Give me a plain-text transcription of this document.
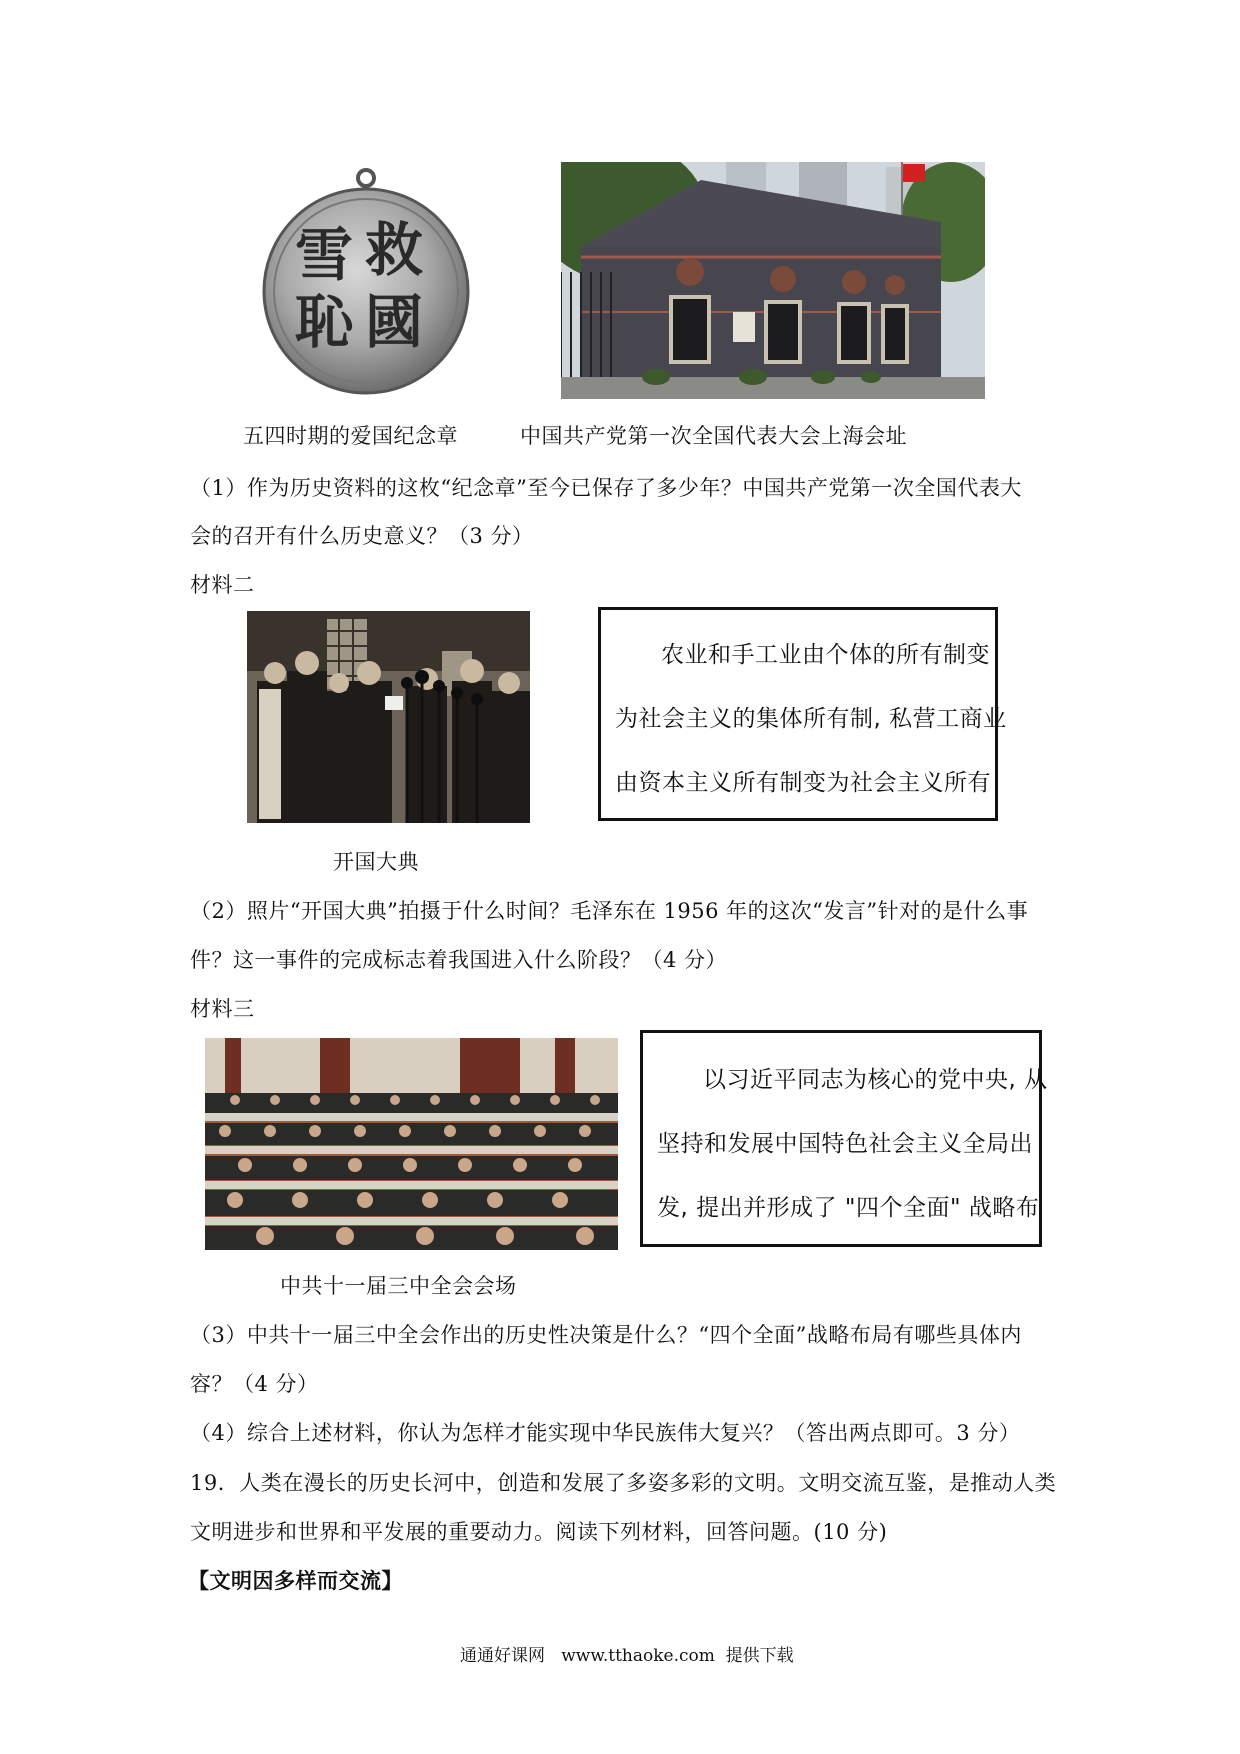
救
雪
國
恥
五四时期的爱国纪念章	中国共产党第一次全国代表大会上海会址
（1）作为历史资料的这枚“纪念章”至今已保存了多少年？中国共产党第一次全国代表大
会的召开有什么历史意义？（3 分）
材料二
农业和手工业由个体的所有制变
为社会主义的集体所有制, 私营工商业
由资本主义所有制变为社会主义所有
开国大典
（2）照片“开国大典”拍摄于什么时间？毛泽东在 1956 年的这次“发言”针对的是什么事
件？这一事件的完成标志着我国进入什么阶段？（4 分）
材料三
以习近平同志为核心的党中央, 从
坚持和发展中国特色社会主义全局出
发, 提出并形成了 "四个全面" 战略布
中共十一届三中全会会场
（3）中共十一届三中全会作出的历史性决策是什么？“四个全面”战略布局有哪些具体内
容？（4 分）
（4）综合上述材料，你认为怎样才能实现中华民族伟大复兴？（答出两点即可。3 分）
19．人类在漫长的历史长河中，创造和发展了多姿多彩的文明。文明交流互鉴，是推动人类
文明进步和世界和平发展的重要动力。阅读下列材料，回答问题。(10 分)
【文明因多样而交流】
通通好课网   www.tthaoke.com  提供下载
